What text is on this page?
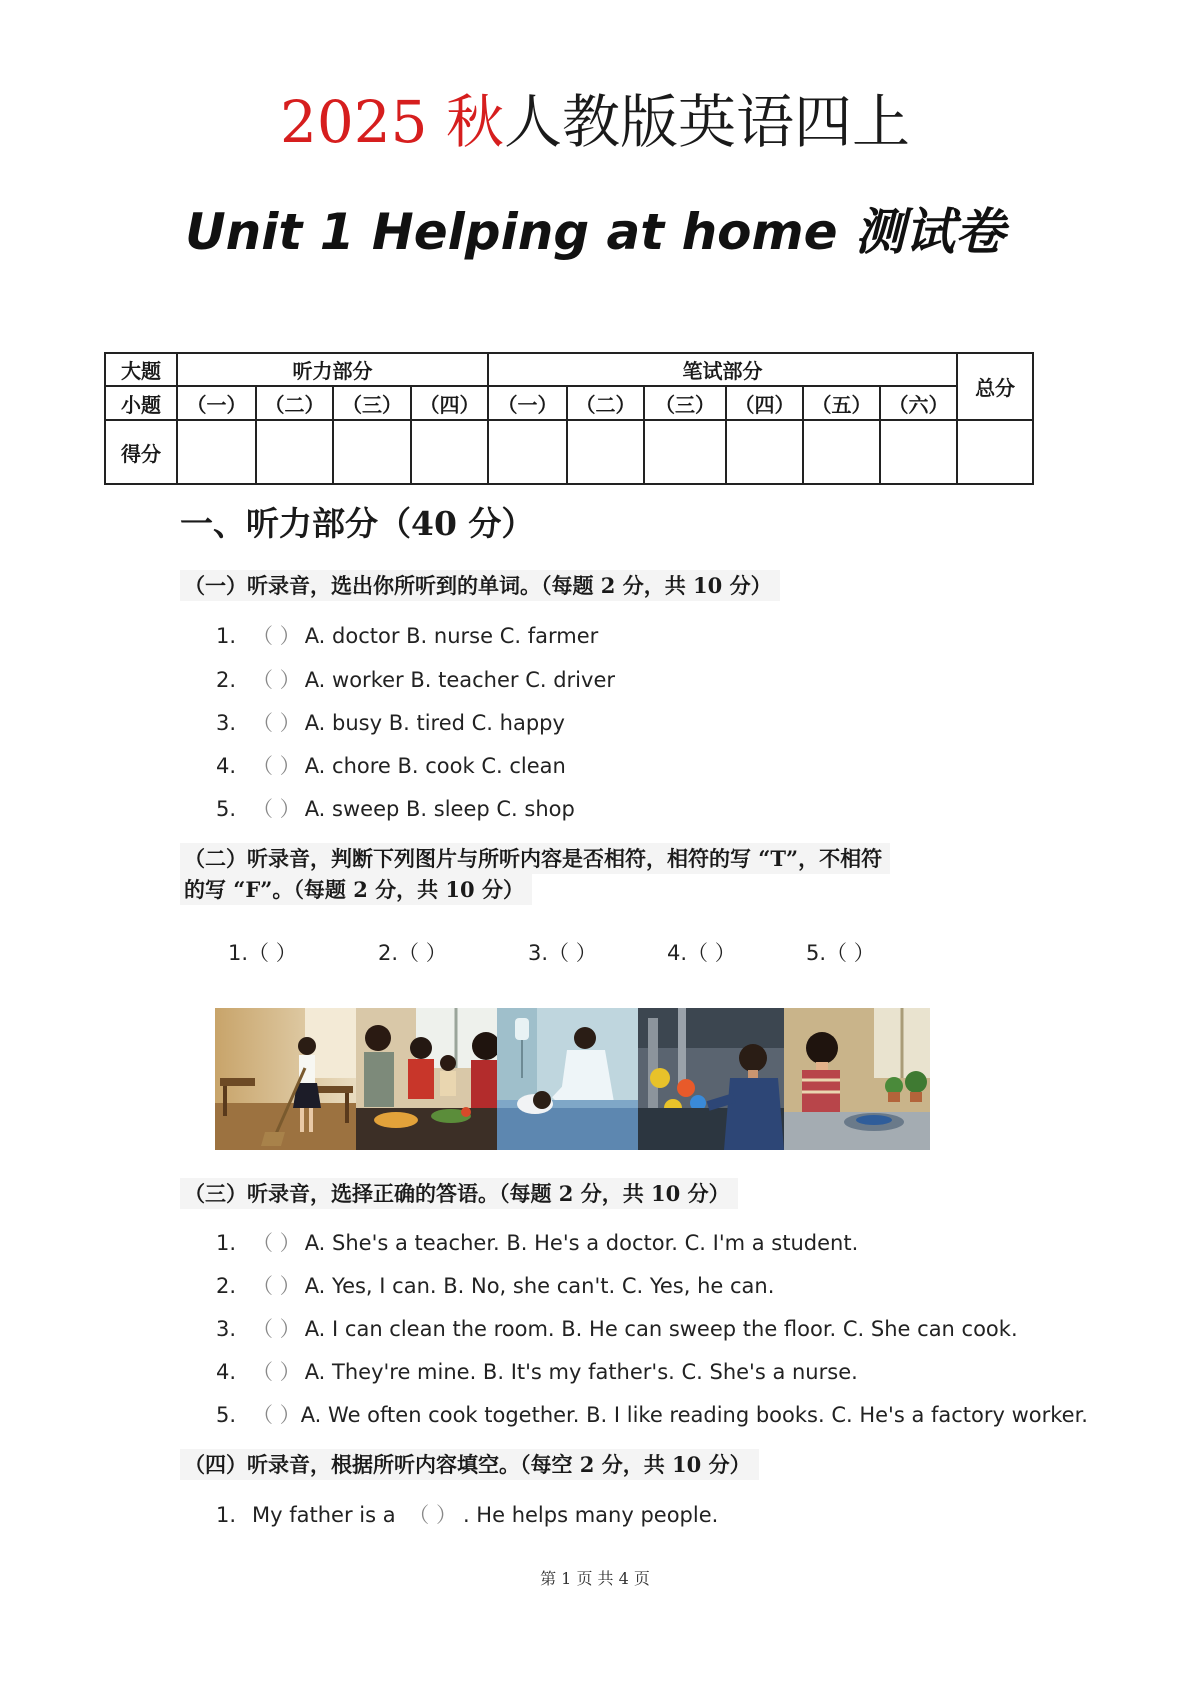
2025 秋人教版英语四上
Unit 1 Helping at home 测试卷
大题	听力部分				笔试部分						总分
小题	（一）	（二）	（三）	（四）	（一）	（二）	（三）	（四）	（五）	（六）	
得分											
一、听力部分（40 分）
（一）听录音，选出你所听到的单词。（每题 2 分，共 10 分）
1. （ ） A. doctor B. nurse C. farmer
2. （ ） A. worker B. teacher C. driver
3. （ ） A. busy B. tired C. happy
4. （ ） A. chore B. cook C. clean
5. （ ） A. sweep B. sleep C. shop
（二）听录音，判断下列图片与所听内容是否相符，相符的写 “T”，不相符
的写 “F”。（每题 2 分，共 10 分）
1.（ ）	2.（ ）	3.（ ）	4.（ ）	5.（ ）
（三）听录音，选择正确的答语。（每题 2 分，共 10 分）
1. （ ） A. She's a teacher. B. He's a doctor. C. I'm a student.
2. （ ） A. Yes, I can. B. No, she can't. C. Yes, he can.
3. （ ） A. I can clean the room. B. He can sweep the floor. C. She can cook.
4. （ ） A. They're mine. B. It's my father's. C. She's a nurse.
5. （ ）A. We often cook together. B. I like reading books. C. He's a factory worker.
（四）听录音，根据所听内容填空。（每空 2 分，共 10 分）
1. My father is a （ ） . He helps many people.
第 1 页 共 4 页
